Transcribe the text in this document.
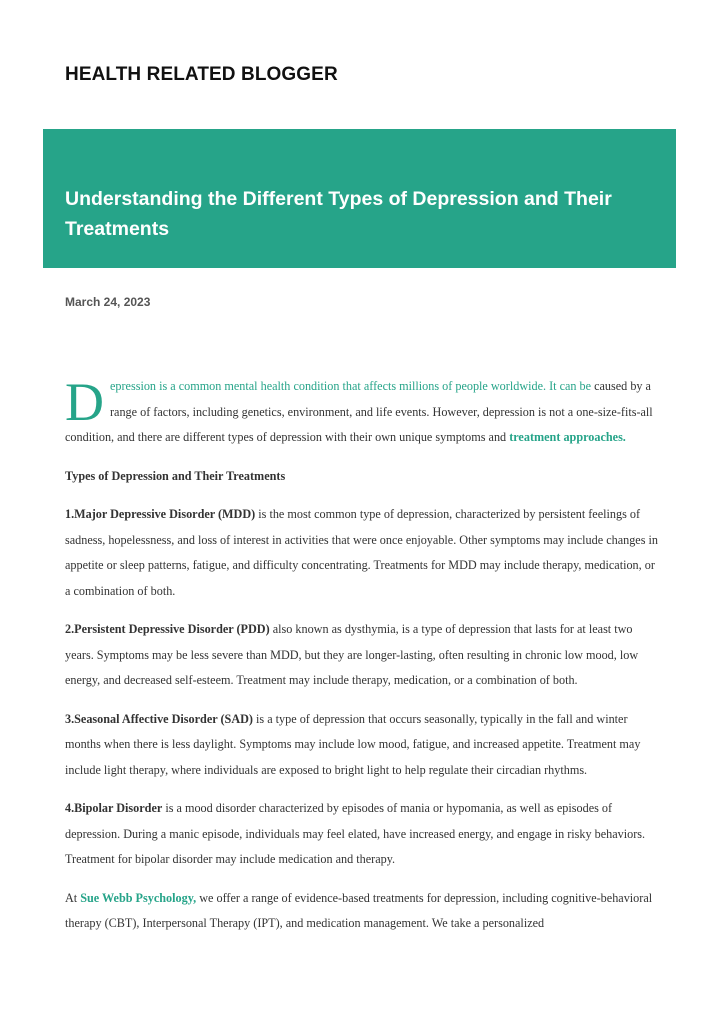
HEALTH RELATED BLOGGER
Understanding the Different Types of Depression and Their Treatments
March 24, 2023

D epression is a common mental health condition that affects millions of people worldwide. It can be caused by a range of factors, including genetics, environment, and life events. However, depression is not a one-size-fits-all condition, and there are different types of depression with their own unique symptoms and treatment approaches.

Types of Depression and Their Treatments

1.Major Depressive Disorder (MDD) is the most common type of depression, characterized by persistent feelings of sadness, hopelessness, and loss of interest in activities that were once enjoyable. Other symptoms may include changes in appetite or sleep patterns, fatigue, and difficulty concentrating. Treatments for MDD may include therapy, medication, or a combination of both.

2.Persistent Depressive Disorder (PDD) also known as dysthymia, is a type of depression that lasts for at least two years. Symptoms may be less severe than MDD, but they are longer-lasting, often resulting in chronic low mood, low energy, and decreased self-esteem. Treatment may include therapy, medication, or a combination of both.

3.Seasonal Affective Disorder (SAD) is a type of depression that occurs seasonally, typically in the fall and winter months when there is less daylight. Symptoms may include low mood, fatigue, and increased appetite. Treatment may include light therapy, where individuals are exposed to bright light to help regulate their circadian rhythms.

4.Bipolar Disorder is a mood disorder characterized by episodes of mania or hypomania, as well as episodes of depression. During a manic episode, individuals may feel elated, have increased energy, and engage in risky behaviors. Treatment for bipolar disorder may include medication and therapy.

At Sue Webb Psychology, we offer a range of evidence-based treatments for depression, including cognitive-behavioral therapy (CBT), Interpersonal Therapy (IPT), and medication management. We take a personalized
